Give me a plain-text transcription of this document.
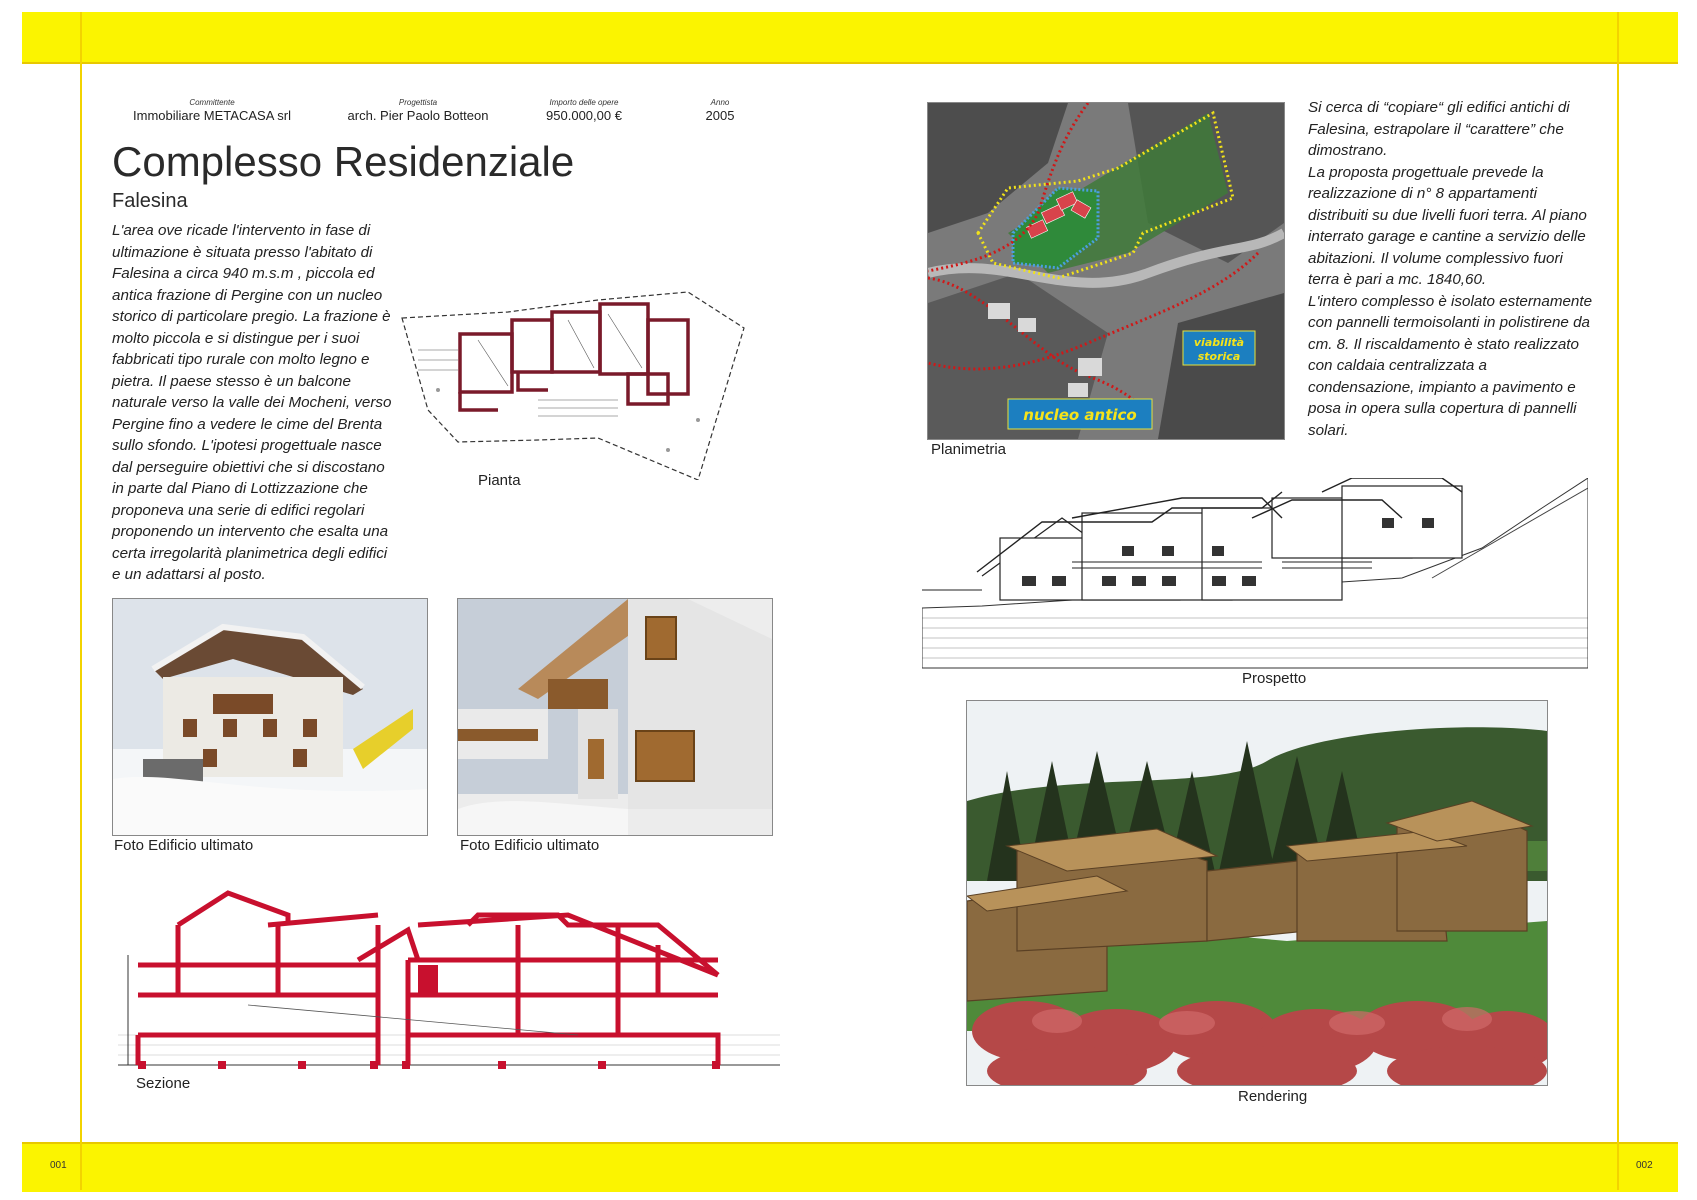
001	002
Committente
Immobiliare METACASA srl
Progettista
arch. Pier Paolo Botteon
Importo delle opere
950.000,00 €
Anno
2005
Complesso Residenziale
Falesina
L'area ove ricade l'intervento in fase di
ultimazione è situata presso l'abitato di
Falesina a circa 940 m.s.m , piccola ed
antica frazione di Pergine con un nucleo
storico di particolare pregio. La frazione è
molto piccola e si distingue per i suoi
fabbricati tipo rurale con molto legno e
pietra. Il paese stesso è un balcone
naturale verso la valle dei Mocheni, verso
Pergine fino a vedere le cime del Brenta
sullo sfondo. L'ipotesi progettuale nasce
dal perseguire obiettivi che si discostano
in parte dal Piano di Lottizzazione che
proponeva una serie di edifici regolari
proponendo un intervento che esalta una
certa irregolarità planimetrica degli edifici
e un adattarsi al posto.
Si cerca di “copiare“ gli edifici antichi di
Falesina, estrapolare il “carattere” che
dimostrano.
La proposta progettuale prevede la
realizzazione di n° 8 appartamenti
distribuiti su due livelli fuori terra. Al piano
interrato garage e cantine a servizio delle
abitazioni. Il volume complessivo fuori
terra è pari a mc. 1840,60.
L'intero complesso è isolato esternamente
con pannelli termoisolanti in polistirene da
cm. 8. Il riscaldamento è stato realizzato
con caldaia centralizzata a
condensazione, impianto a pavimento e
posa in opera sulla copertura di pannelli
solari.
Pianta
viabilità
storica
nucleo antico
Planimetria
Prospetto
Foto Edificio ultimato	Foto Edificio ultimato
Sezione
Rendering
